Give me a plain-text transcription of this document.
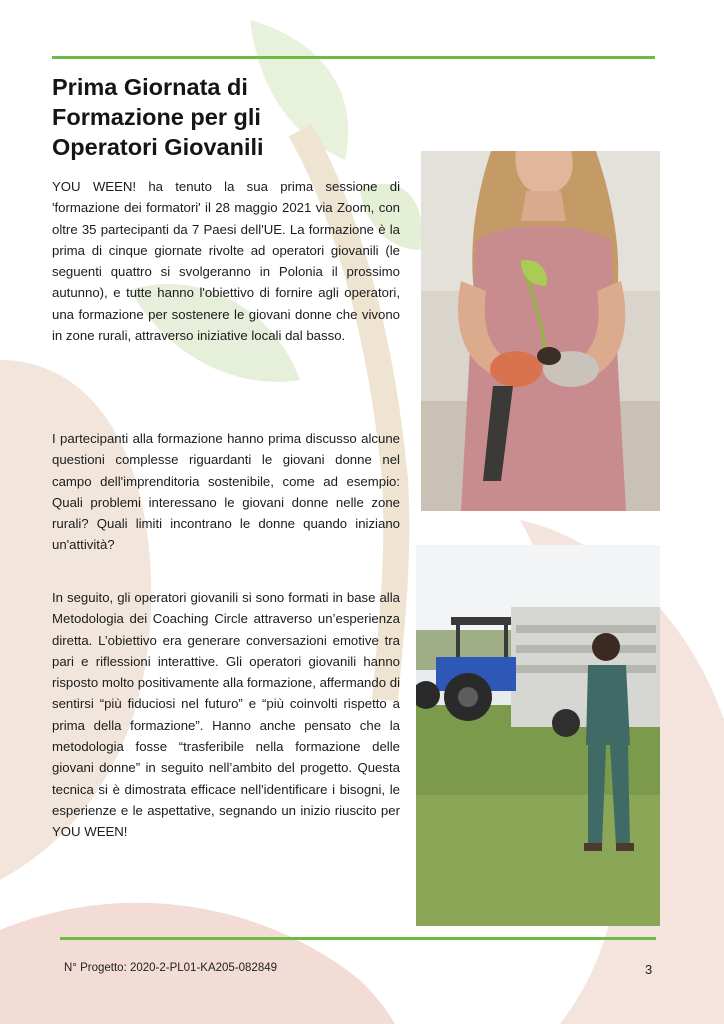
Prima Giornata di
Formazione per gli
Operatori Giovanili

YOU WEEN! ha tenuto la sua prima sessione di 'formazione dei formatori' il 28 maggio 2021 via Zoom, con oltre 35 partecipanti da 7 Paesi dell'UE. La formazione è la prima di cinque giornate rivolte ad operatori giovanili (le seguenti quattro si svolgeranno in Polonia il prossimo autunno), e tutte hanno l'obiettivo di fornire agli operatori, una formazione per sostenere le giovani donne che vivono in zone rurali, attraverso iniziative locali dal basso.

I partecipanti alla formazione hanno prima discusso alcune questioni complesse riguardanti le giovani donne nel campo dell'imprenditoria sostenibile, come ad esempio: Quali problemi interessano le giovani donne nelle zone rurali? Quali limiti incontrano le donne quando iniziano un'attività?

In seguito, gli operatori giovanili si sono formati in base alla Metodologia dei Coaching Circle attraverso un’esperienza diretta. L’obiettivo era generare conversazioni emotive tra pari e riflessioni interattive. Gli operatori giovanili hanno risposto molto positivamente alla formazione, affermando di sentirsi “più fiduciosi nel futuro” e “più coinvolti rispetto a prima della formazione”. Hanno anche pensato che la metodologia fosse “trasferibile nella formazione delle giovani donne” in seguito nell’ambito del progetto. Questa tecnica si è dimostrata efficace nell'identificare i bisogni, le esperienze e le aspettative, segnando un inizio riuscito per YOU WEEN!

N° Progetto: 2020-2-PL01-KA205-082849	3
